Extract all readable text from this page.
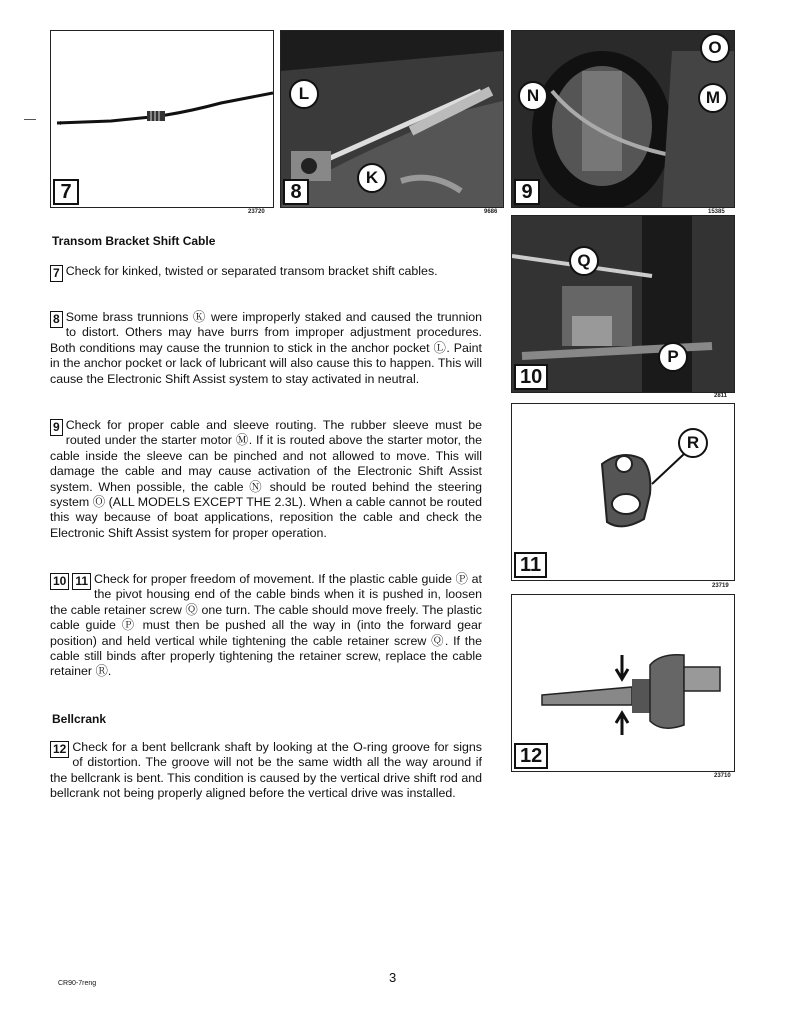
7
23720
L
K
8
9686
O
N	M
9
15385
Q
P
10
2811
R
11
23719
12
23710
Transom Bracket Shift Cable

7 Check for kinked, twisted or separated transom bracket shift cables.

8 Some brass trunnions Ⓚ were improperly staked and caused the trunnion to distort. Others may have burrs from improper adjustment procedures. Both conditions may cause the trunnion to stick in the anchor pocket Ⓛ. Paint in the anchor pocket or lack of lubricant will also cause this to happen. This will cause the Electronic Shift Assist system to stay activated in neutral.

9 Check for proper cable and sleeve routing. The rubber sleeve must be routed under the starter motor Ⓜ. If it is routed above the starter motor, the cable inside the sleeve can be pinched and not allowed to move. This will damage the cable and may cause activation of the Electronic Shift Assist system. When possible, the cable Ⓝ should be routed behind the steering system Ⓞ (ALL MODELS EXCEPT THE 2.3L). When a cable cannot be routed this way because of boat applications, reposition the cable and check the Electronic Shift Assist system for proper operation.

10 11 Check for proper freedom of movement. If the plastic cable guide Ⓟ at the pivot housing end of the cable binds when it is pushed in, loosen the cable retainer screw Ⓠ one turn. The cable should move freely. The plastic cable guide Ⓟ must then be pushed all the way in (into the forward gear position) and held vertical while tightening the cable retainer screw Ⓠ. If the cable still binds after properly tightening the retainer screw, replace the cable retainer Ⓡ.

Bellcrank

12 Check for a bent bellcrank shaft by looking at the O-ring groove for signs of distortion. The groove will not be the same width all the way around if the bellcrank is bent. This condition is caused by the vertical drive shift rod and bellcrank not being properly aligned before the vertical drive was installed.

CR90-7reng	3
